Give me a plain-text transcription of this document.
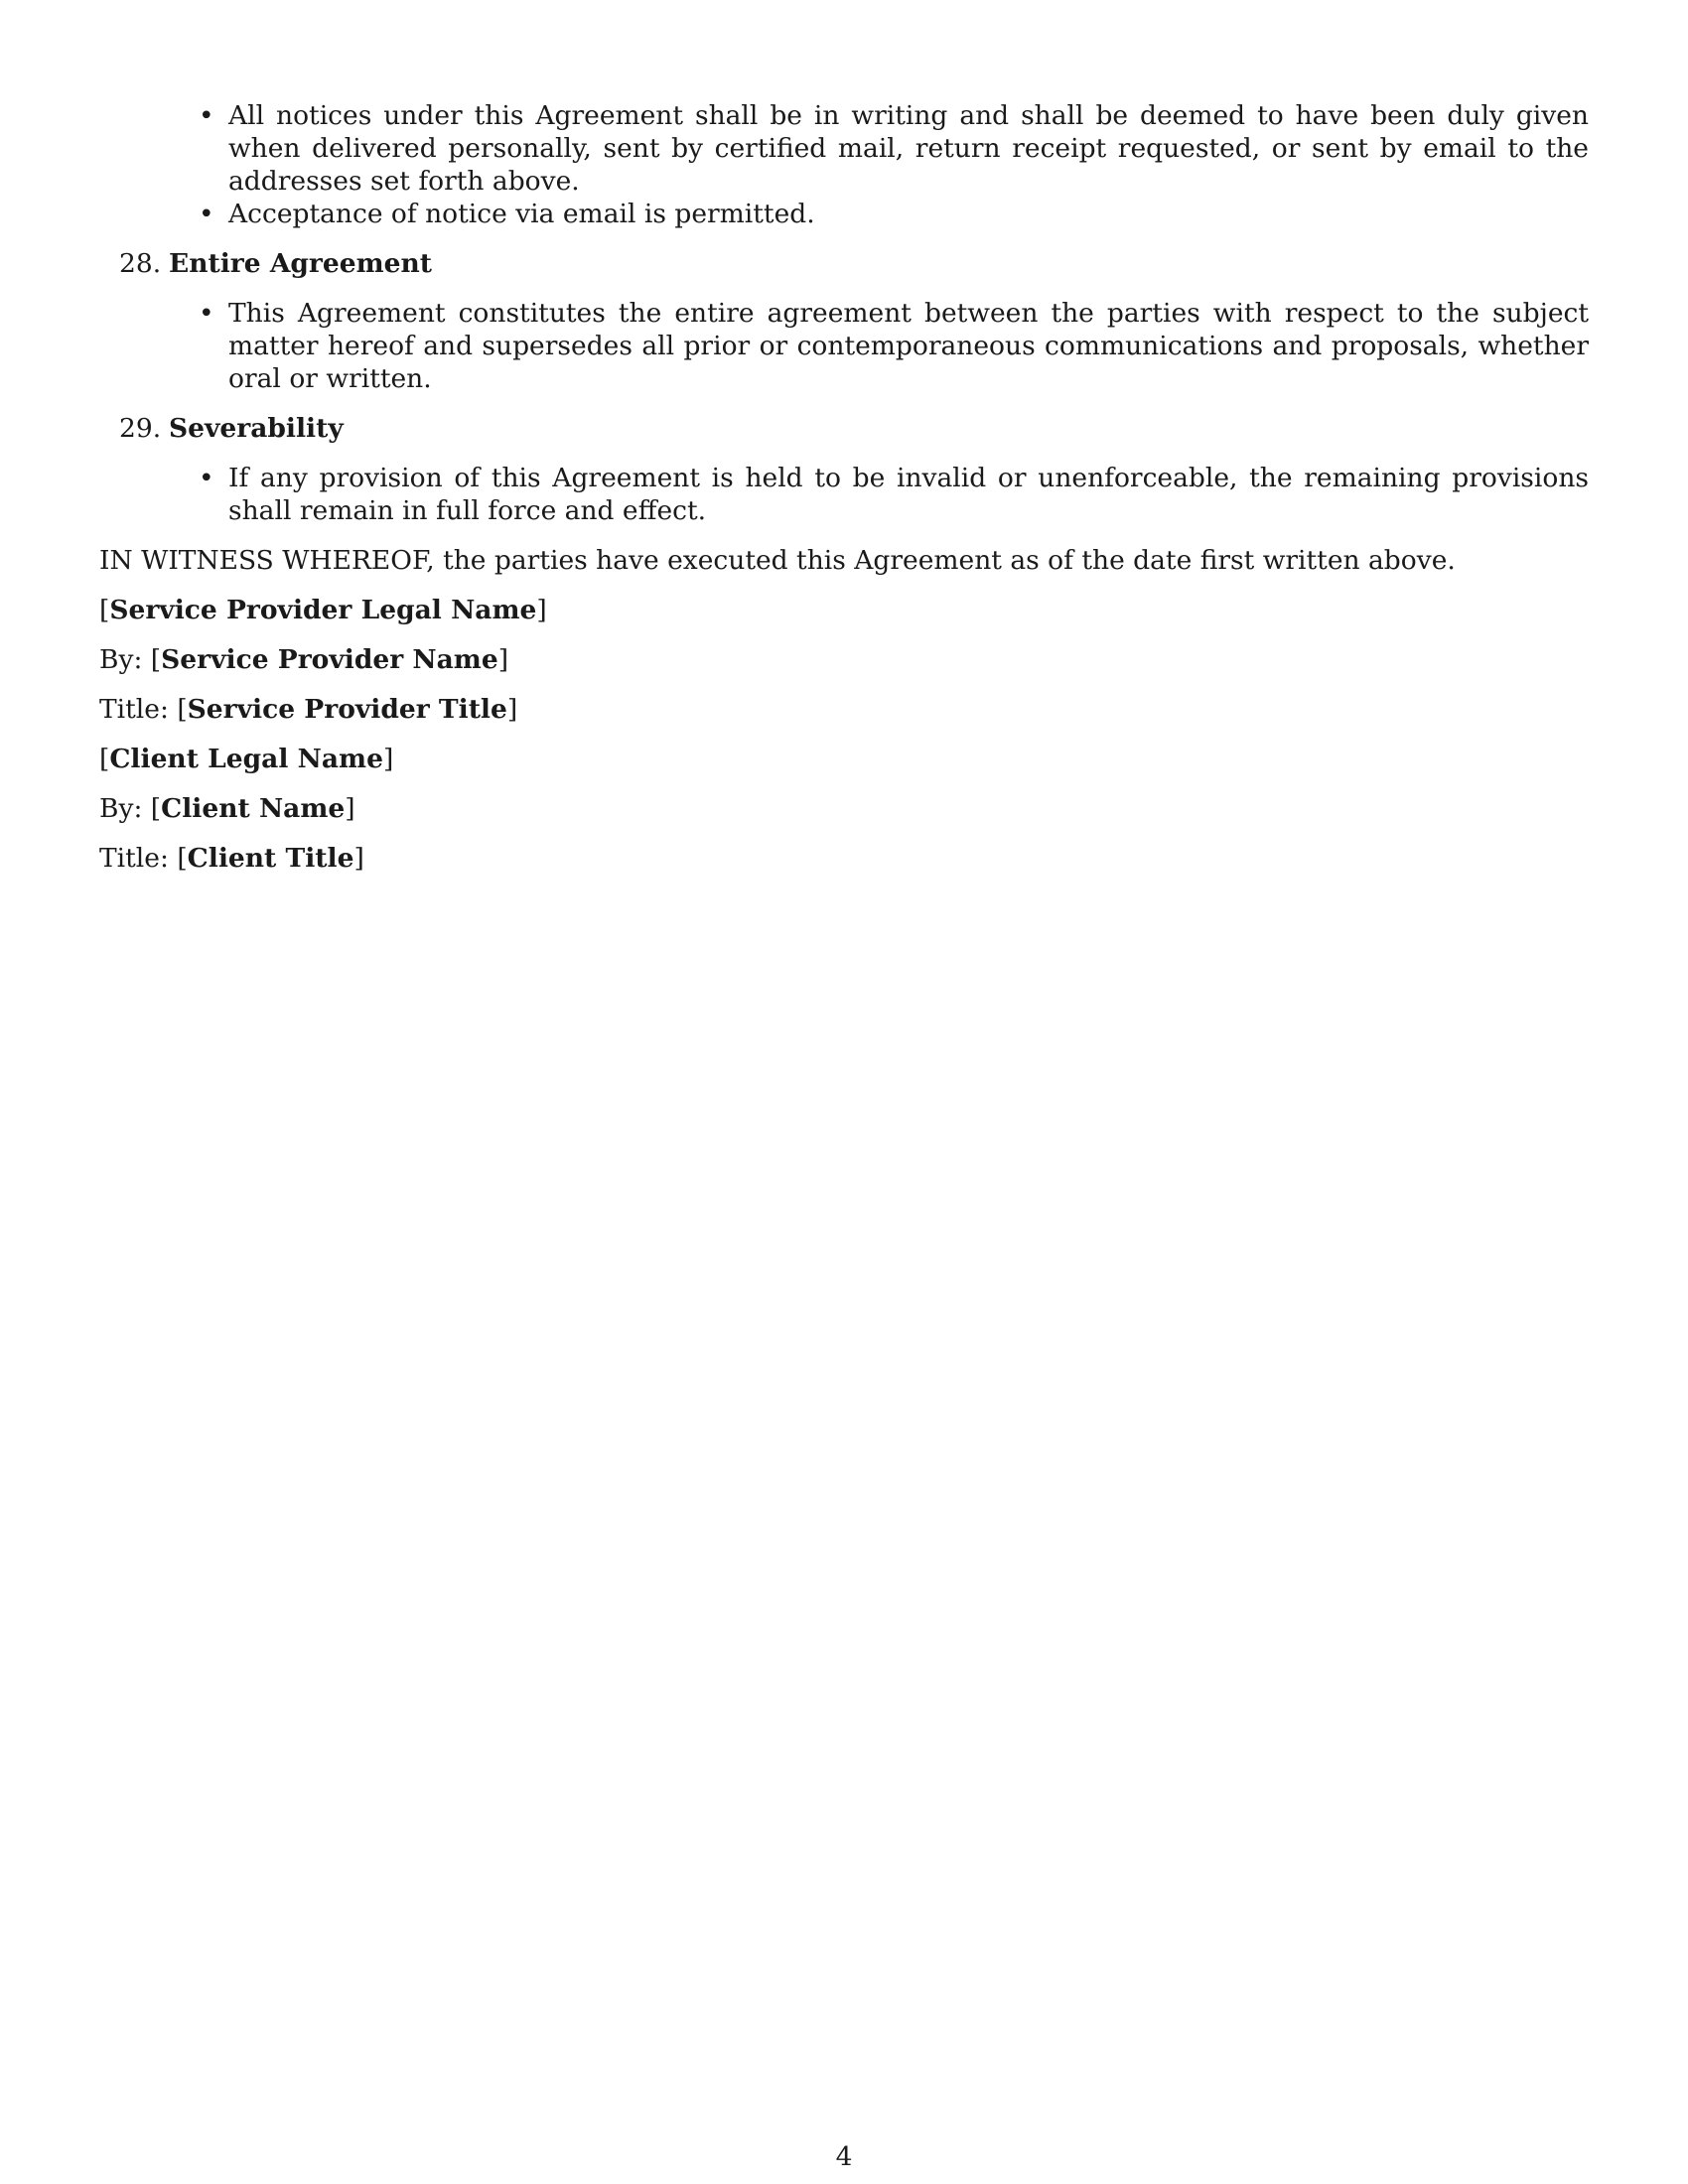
• All notices under this Agreement shall be in writing and shall be deemed to have been duly given when delivered personally, sent by certified mail, return receipt requested, or sent by email to the addresses set forth above.
• Acceptance of notice via email is permitted.
28. Entire Agreement
• This Agreement constitutes the entire agreement between the parties with respect to the subject matter hereof and supersedes all prior or contemporaneous communications and proposals, whether oral or written.
29. Severability
• If any provision of this Agreement is held to be invalid or unenforceable, the remaining provisions shall remain in full force and effect.

IN WITNESS WHEREOF, the parties have executed this Agreement as of the date first written above.

[Service Provider Legal Name]

By: [Service Provider Name]

Title: [Service Provider Title]

[Client Legal Name]

By: [Client Name]

Title: [Client Title]

4
